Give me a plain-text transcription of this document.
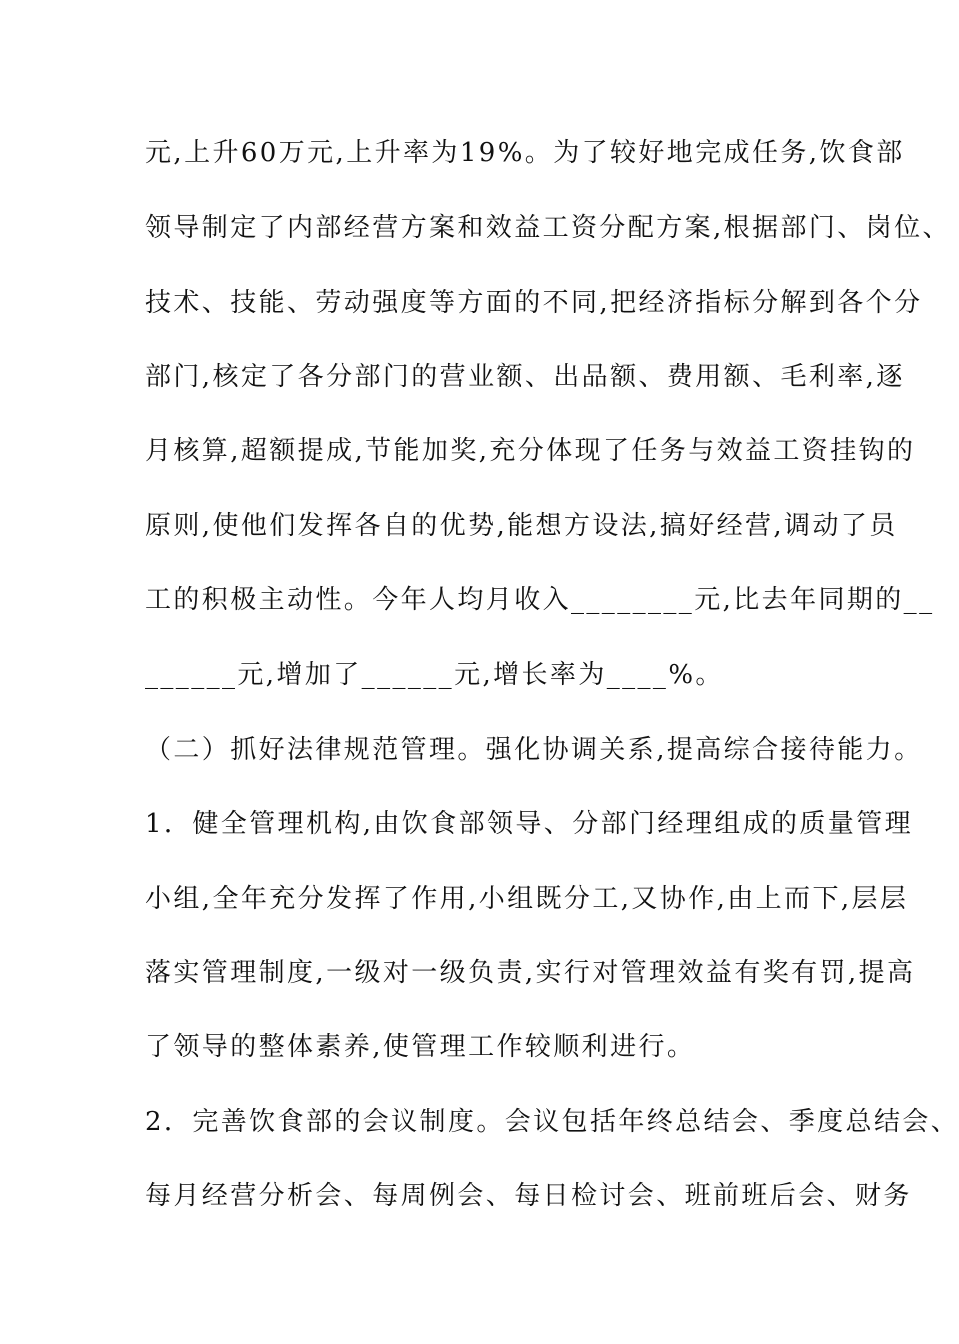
元,上升60万元,上升率为19%。为了较好地完成任务,饮食部
领导制定了内部经营方案和效益工资分配方案,根据部门、岗位、
技术、技能、劳动强度等方面的不同,把经济指标分解到各个分
部门,核定了各分部门的营业额、出品额、费用额、毛利率,逐
月核算,超额提成,节能加奖,充分体现了任务与效益工资挂钩的
原则,使他们发挥各自的优势,能想方设法,搞好经营,调动了员
工的积极主动性。今年人均月收入________元,比去年同期的__
______元,增加了______元,增长率为____%。
（二）抓好法律规范管理。强化协调关系,提高综合接待能力。
1．健全管理机构,由饮食部领导、分部门经理组成的质量管理
小组,全年充分发挥了作用,小组既分工,又协作,由上而下,层层
落实管理制度,一级对一级负责,实行对管理效益有奖有罚,提高
了领导的整体素养,使管理工作较顺利进行。
2．完善饮食部的会议制度。会议包括年终总结会、季度总结会、
每月经营分析会、每周例会、每日检讨会、班前班后会、财务
